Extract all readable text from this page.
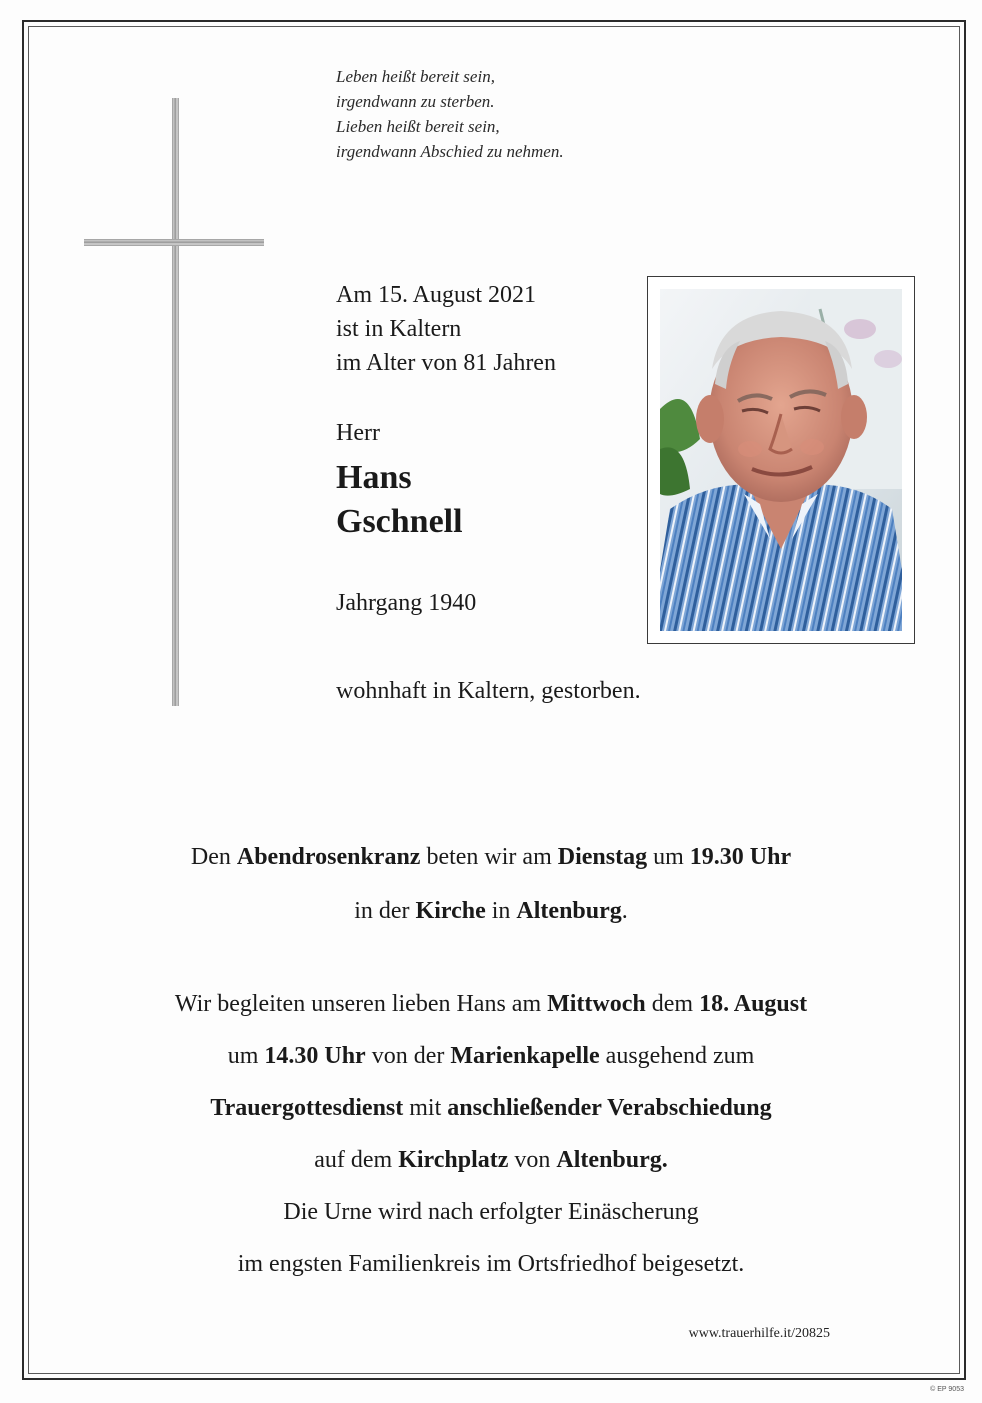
Leben heißt bereit sein,
irgendwann zu sterben.
Lieben heißt bereit sein,
irgendwann Abschied zu nehmen.
Am 15. August 2021
ist in Kaltern
im Alter von 81 Jahren
Herr
Hans
Gschnell
Jahrgang 1940
wohnhaft in Kaltern, gestorben.
Den Abendrosenkranz beten wir am Dienstag um 19.30 Uhr
in der Kirche in Altenburg.
Wir begleiten unseren lieben Hans am Mittwoch dem 18. August
um 14.30 Uhr von der Marienkapelle ausgehend zum
Trauergottesdienst mit anschließender Verabschiedung
auf dem Kirchplatz von Altenburg.
Die Urne wird nach erfolgter Einäscherung
im engsten Familienkreis im Ortsfriedhof beigesetzt.
www.trauerhilfe.it/20825
© EP 9053
